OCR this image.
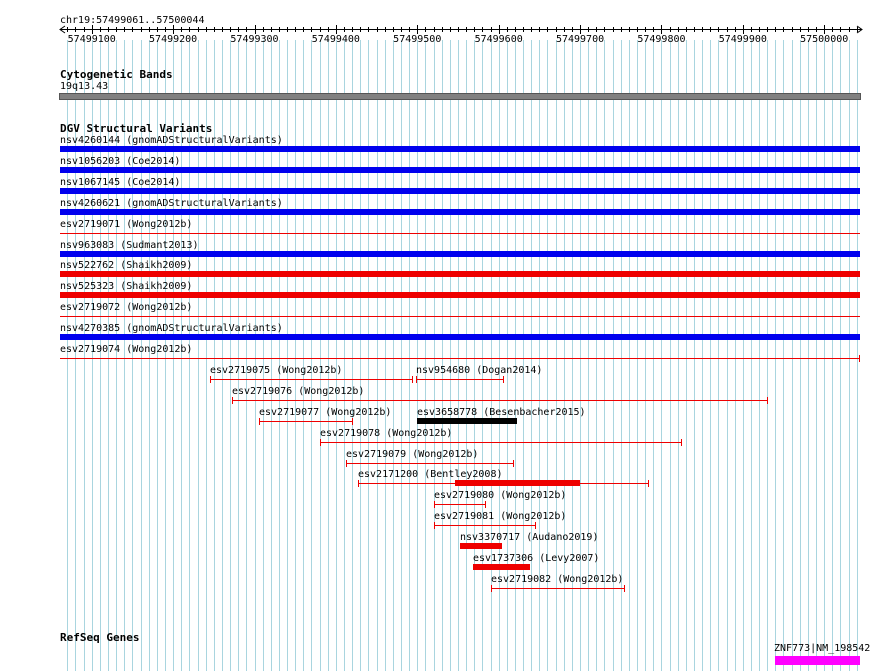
chr19:57499061..57500044
57499100	57499200	57499300	57499400	57499500	57499600	57499700	57499800	57499900	57500000
Cytogenetic Bands
19q13.43
DGV Structural Variants
nsv4260144 (gnomADStructuralVariants)
nsv1056203 (Coe2014)
nsv1067145 (Coe2014)
nsv4260621 (gnomADStructuralVariants)
esv2719071 (Wong2012b)
nsv963083 (Sudmant2013)
nsv522762 (Shaikh2009)
nsv525323 (Shaikh2009)
esv2719072 (Wong2012b)
nsv4270385 (gnomADStructuralVariants)
esv2719074 (Wong2012b)
esv2719075 (Wong2012b)	nsv954680 (Dogan2014)
esv2719076 (Wong2012b)
esv2719077 (Wong2012b)	esv3658778 (Besenbacher2015)
esv2719078 (Wong2012b)
esv2719079 (Wong2012b)
esv2171200 (Bentley2008)
esv2719080 (Wong2012b)
esv2719081 (Wong2012b)
nsv3370717 (Audano2019)
esv1737306 (Levy2007)
esv2719082 (Wong2012b)
RefSeq Genes
ZNF773|NM_198542
